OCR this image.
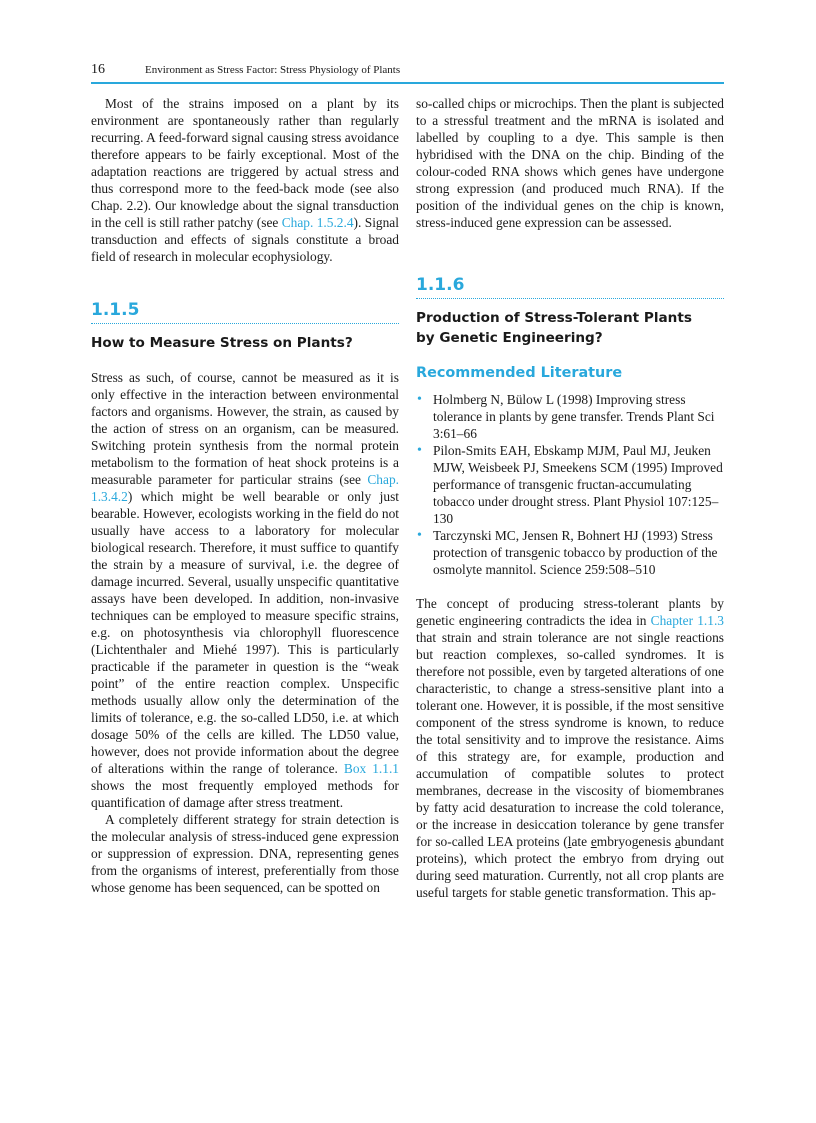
16	Environment as Stress Factor: Stress Physiology of Plants

Most of the strains imposed on a plant by its environment are spontaneously rather than regularly recurring. A feed-forward signal causing stress avoidance therefore appears to be fairly exceptional. Most of the adaptation reactions are triggered by actual stress and thus correspond more to the feed-back mode (see also Chap. 2.2). Our knowledge about the signal transduction in the cell is still rather patchy (see Chap. 1.5.2.4). Signal transduction and effects of signals constitute a broad field of research in molecular ecophysiology.

1.1.5
How to Measure Stress on Plants?

Stress as such, of course, cannot be measured as it is only effective in the interaction between environmental factors and organisms. However, the strain, as caused by the action of stress on an organism, can be measured. Switching protein synthesis from the normal protein metabolism to the formation of heat shock proteins is a measurable parameter for particular strains (see Chap. 1.3.4.2) which might be well bearable or only just bearable. However, ecologists working in the field do not usually have access to a laboratory for molecular biological research. Therefore, it must suffice to quantify the strain by a measure of survival, i.e. the degree of damage incurred. Several, usually unspecific quantitative assays have been developed. In addition, non-invasive techniques can be employed to measure specific strains, e.g. on photosynthesis via chlorophyll fluorescence (Lichtenthaler and Miehé 1997). This is particularly practicable if the parameter in question is the “weak point” of the entire reaction complex. Unspecific methods usually allow only the determination of the limits of tolerance, e.g. the so-called LD50, i.e. at which dosage 50% of the cells are killed. The LD50 value, however, does not provide information about the degree of alterations within the range of tolerance. Box 1.1.1 shows the most frequently employed methods for quantification of damage after stress treatment.

A completely different strategy for strain detection is the molecular analysis of stress-induced gene expression or suppression of expression. DNA, representing genes from the organisms of interest, preferentially from those whose genome has been sequenced, can be spotted on

so-called chips or microchips. Then the plant is subjected to a stressful treatment and the mRNA is isolated and labelled by coupling to a dye. This sample is then hybridised with the DNA on the chip. Binding of the colour-coded RNA shows which genes have undergone strong expression (and produced much RNA). If the position of the individual genes on the chip is known, stress-induced gene expression can be assessed.

1.1.6
Production of Stress-Tolerant Plants
by Genetic Engineering?
Recommended Literature
• Holmberg N, Bülow L (1998) Improving stress tolerance in plants by gene transfer. Trends Plant Sci 3:61–66
• Pilon-Smits EAH, Ebskamp MJM, Paul MJ, Jeuken MJW, Weisbeek PJ, Smeekens SCM (1995) Improved performance of transgenic fructan-accumulating tobacco under drought stress. Plant Physiol 107:125–130
• Tarczynski MC, Jensen R, Bohnert HJ (1993) Stress protection of transgenic tobacco by production of the osmolyte mannitol. Science 259:508–510

The concept of producing stress-tolerant plants by genetic engineering contradicts the idea in Chapter 1.1.3 that strain and strain tolerance are not single reactions but reaction complexes, so-called syndromes. It is therefore not possible, even by targeted alterations of one characteristic, to change a stress-sensitive plant into a tolerant one. However, it is possible, if the most sensitive component of the stress syndrome is known, to reduce the total sensitivity and to improve the resistance. Aims of this strategy are, for example, production and accumulation of compatible solutes to protect membranes, decrease in the viscosity of biomembranes by fatty acid desaturation to increase the cold tolerance, or the increase in desiccation tolerance by gene transfer for so-called LEA proteins (late embryogenesis abundant proteins), which protect the embryo from drying out during seed maturation. Currently, not all crop plants are useful targets for stable genetic transformation. This ap-
